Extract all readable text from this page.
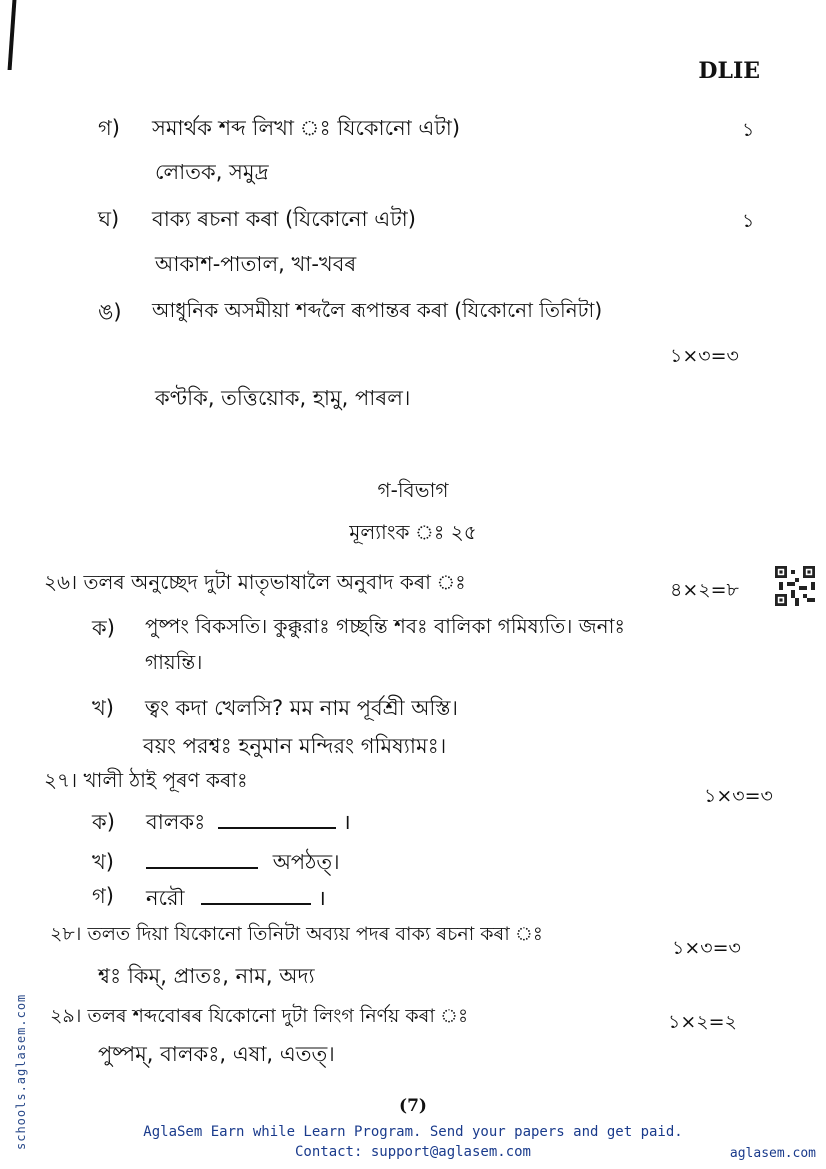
DLIE
গ) সমাৰ্থক শব্দ লিখা ঃ যিকোনো এটা)	১
লোতক, সমুদ্ৰ
ঘ) বাক্য ৰচনা কৰা (যিকোনো এটা)	১
আকাশ-পাতাল, খা-খবৰ
ঙ) আধুনিক অসমীয়া শব্দলৈ ৰূপান্তৰ কৰা (যিকোনো তিনিটা)
১×৩=৩
কণ্টকি, তত্তিয়োক, হামু, পাৰল।
গ-বিভাগ
মূল্যাংক ঃ ২৫
২৬। তলৰ অনুচ্ছেদ দুটা মাতৃভাষালৈ অনুবাদ কৰা ঃ	৪×২=৮
ক) পুষ্পং বিকসতি। কুক্কুরাঃ গচ্ছন্তি শবঃ বালিকা গমিষ্যতি। জনাঃ
গায়ন্তি।
খ) ত্বং কদা খেলসি? মম নাম পূৰ্বশ্ৰী অস্তি।
বয়ং পরশ্বঃ হনুমান মন্দিরং গমিষ্যামঃ।
২৭। খালী ঠাই পূৰণ কৰাঃ
১×৩=৩
ক) বালকঃ	।
খ)	অপঠত্।
গ) নরৌ	।
২৮। তলত দিয়া যিকোনো তিনিটা অব্যয় পদৰ বাক্য ৰচনা কৰা ঃ
১×৩=৩
শ্বঃ কিম্, প্ৰাতঃ, নাম, অদ্য
২৯। তলৰ শব্দবোৰৰ যিকোনো দুটা লিংগ নিৰ্ণয় কৰা ঃ	১×২=২
পুষ্পম্, বালকঃ, এষা, এতত্।
(7)
schools.aglasem.com	AglaSem Earn while Learn Program. Send your papers and get paid.
Contact: support@aglasem.com	aglasem.com
